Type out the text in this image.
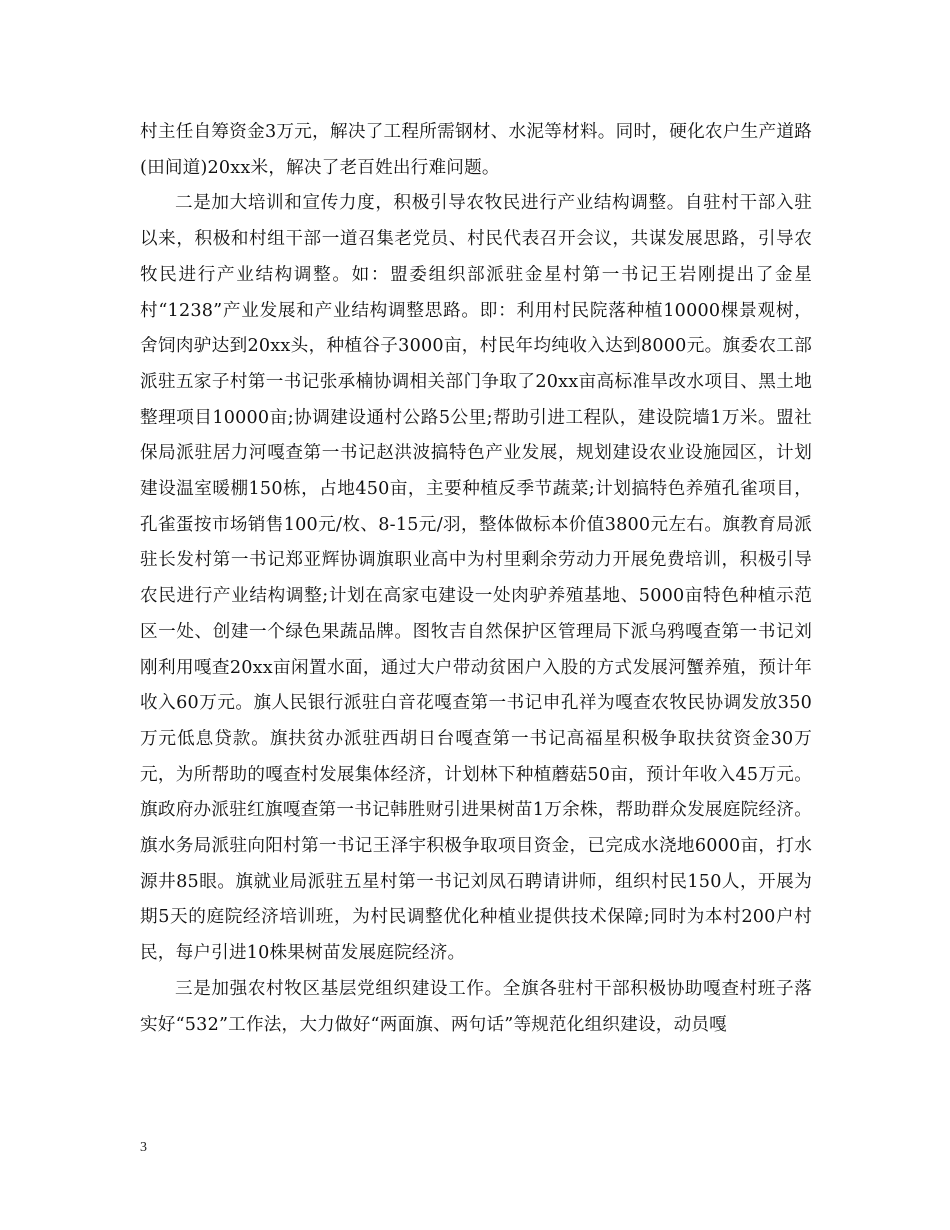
村主任自筹资金3万元，解决了工程所需钢材、水泥等材料。同时，硬化农户生产道路(田间道)20xx米，解决了老百姓出行难问题。

二是加大培训和宣传力度，积极引导农牧民进行产业结构调整。自驻村干部入驻以来，积极和村组干部一道召集老党员、村民代表召开会议，共谋发展思路，引导农牧民进行产业结构调整。如：盟委组织部派驻金星村第一书记王岩刚提出了金星村“1238”产业发展和产业结构调整思路。即：利用村民院落种植10000棵景观树，舍饲肉驴达到20xx头，种植谷子3000亩，村民年均纯收入达到8000元。旗委农工部派驻五家子村第一书记张承楠协调相关部门争取了20xx亩高标准旱改水项目、黑土地整理项目10000亩;协调建设通村公路5公里;帮助引进工程队，建设院墙1万米。盟社保局派驻居力河嘎查第一书记赵洪波搞特色产业发展，规划建设农业设施园区，计划建设温室暖棚150栋，占地450亩，主要种植反季节蔬菜;计划搞特色养殖孔雀项目，孔雀蛋按市场销售100元/枚、8-15元/羽，整体做标本价值3800元左右。旗教育局派驻长发村第一书记郑亚辉协调旗职业高中为村里剩余劳动力开展免费培训，积极引导农民进行产业结构调整;计划在高家屯建设一处肉驴养殖基地、5000亩特色种植示范区一处、创建一个绿色果蔬品牌。图牧吉自然保护区管理局下派乌鸦嘎查第一书记刘刚利用嘎查20xx亩闲置水面，通过大户带动贫困户入股的方式发展河蟹养殖，预计年收入60万元。旗人民银行派驻白音花嘎查第一书记申孔祥为嘎查农牧民协调发放350万元低息贷款。旗扶贫办派驻西胡日台嘎查第一书记高福星积极争取扶贫资金30万元，为所帮助的嘎查村发展集体经济，计划林下种植蘑菇50亩，预计年收入45万元。旗政府办派驻红旗嘎查第一书记韩胜财引进果树苗1万余株，帮助群众发展庭院经济。旗水务局派驻向阳村第一书记王泽宇积极争取项目资金，已完成水浇地6000亩，打水源井85眼。旗就业局派驻五星村第一书记刘凤石聘请讲师，组织村民150人，开展为期5天的庭院经济培训班，为村民调整优化种植业提供技术保障;同时为本村200户村民，每户引进10株果树苗发展庭院经济。

三是加强农村牧区基层党组织建设工作。全旗各驻村干部积极协助嘎查村班子落实好“532”工作法，大力做好“两面旗、两句话”等规范化组织建设，动员嘎

3
